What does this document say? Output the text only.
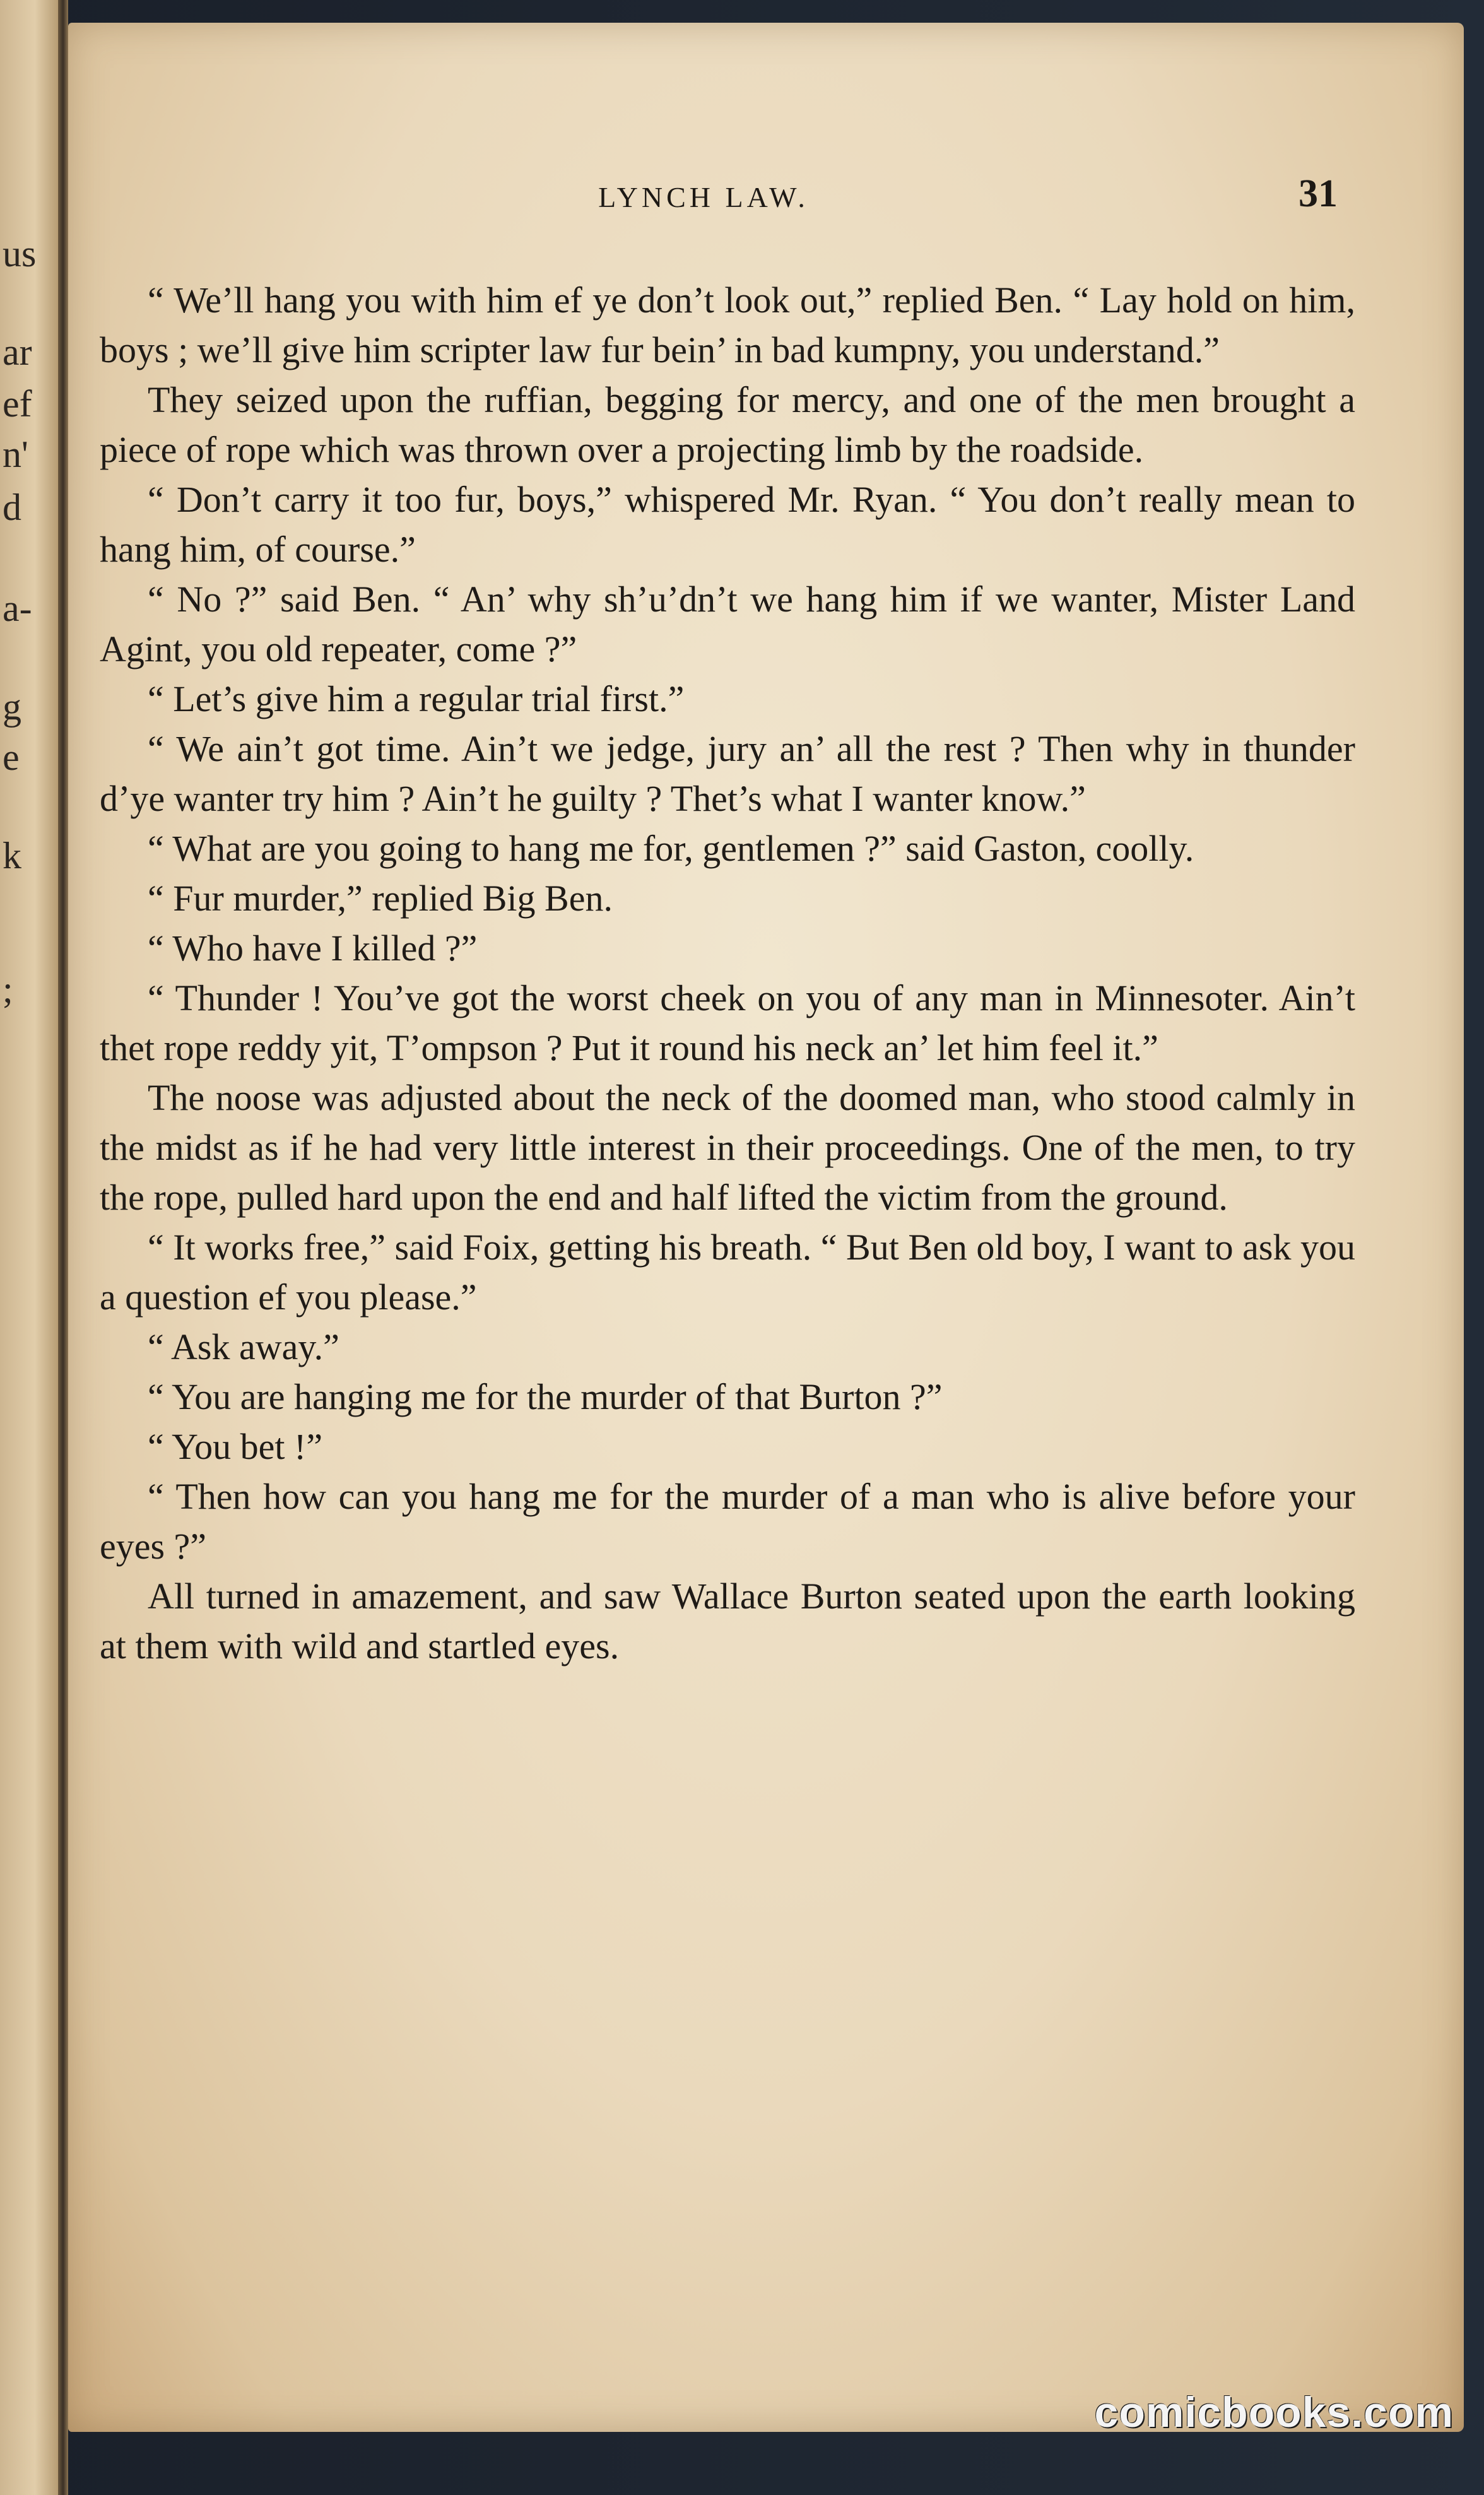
us
ar
ef
n'
d
a-
g
e
k
;
LYNCH LAW.	31

“ We’ll hang you with him ef ye don’t look out,” replied Ben. “ Lay hold on him, boys ; we’ll give him scripter law fur bein’ in bad kumpny, you understand.”

They seized upon the ruffian, begging for mercy, and one of the men brought a piece of rope which was thrown over a projecting limb by the roadside.

“ Don’t carry it too fur, boys,” whispered Mr. Ryan. “ You don’t really mean to hang him, of course.”

“ No ?” said Ben. “ An’ why sh’u’dn’t we hang him if we wanter, Mister Land Agint, you old repeater, come ?”

“ Let’s give him a regular trial first.”

“ We ain’t got time. Ain’t we jedge, jury an’ all the rest ? Then why in thunder d’ye wanter try him ? Ain’t he guilty ? Thet’s what I wanter know.”

“ What are you going to hang me for, gentlemen ?” said Gaston, coolly.

“ Fur murder,” replied Big Ben.

“ Who have I killed ?”

“ Thunder ! You’ve got the worst cheek on you of any man in Minnesoter. Ain’t thet rope reddy yit, T’ompson ? Put it round his neck an’ let him feel it.”

The noose was adjusted about the neck of the doomed man, who stood calmly in the midst as if he had very little interest in their proceedings. One of the men, to try the rope, pulled hard upon the end and half lifted the victim from the ground.

“ It works free,” said Foix, getting his breath. “ But Ben old boy, I want to ask you a question ef you please.”

“ Ask away.”

“ You are hanging me for the murder of that Burton ?”

“ You bet !”

“ Then how can you hang me for the murder of a man who is alive before your eyes ?”

All turned in amazement, and saw Wallace Burton seated upon the earth looking at them with wild and startled eyes.

comicbooks.com
